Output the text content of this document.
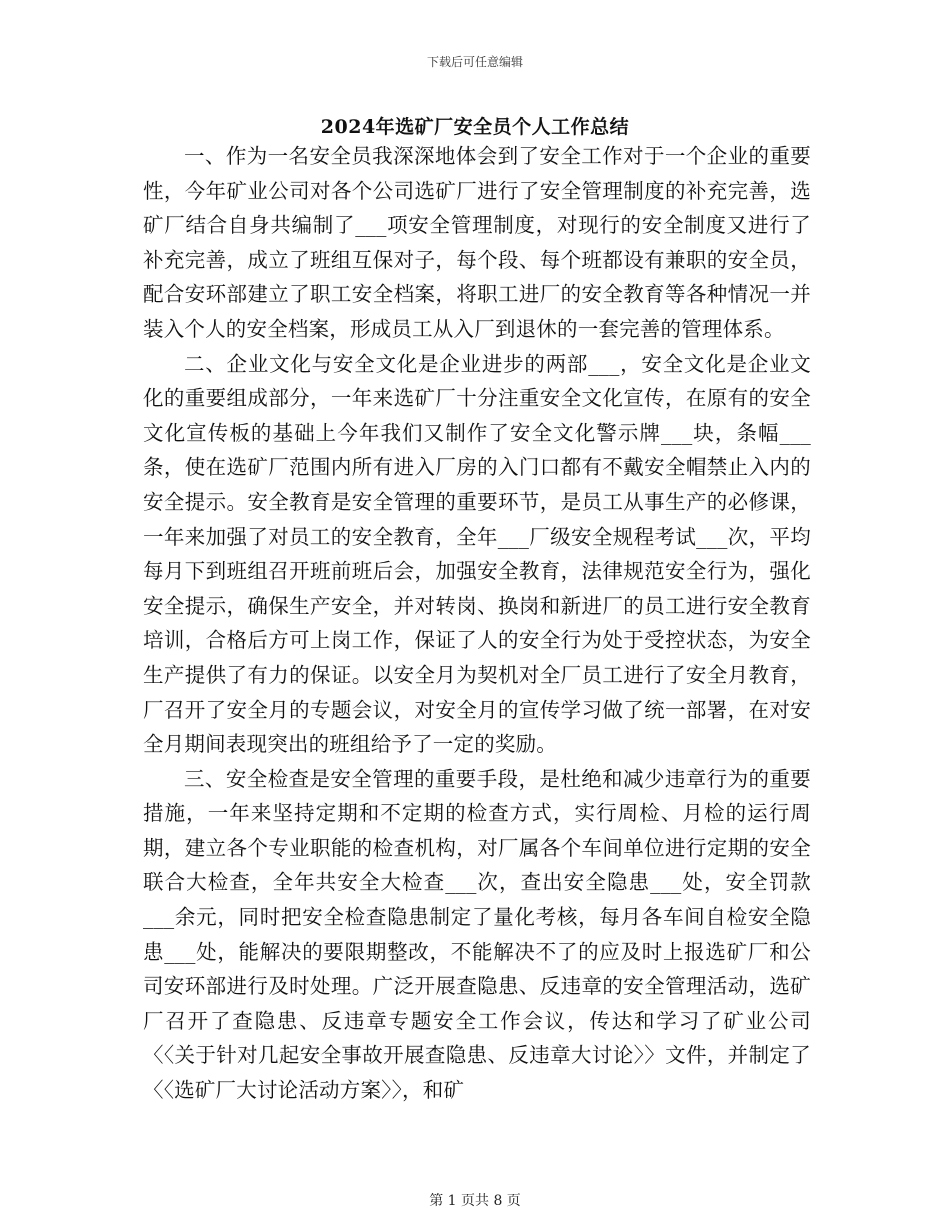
下载后可任意编辑
2024年选矿厂安全员个人工作总结

一、作为一名安全员我深深地体会到了安全工作对于一个企业的重要性，今年矿业公司对各个公司选矿厂进行了安全管理制度的补充完善，选矿厂结合自身共编制了___项安全管理制度，对现行的安全制度又进行了补充完善，成立了班组互保对子，每个段、每个班都设有兼职的安全员，配合安环部建立了职工安全档案，将职工进厂的安全教育等各种情况一并装入个人的安全档案，形成员工从入厂到退休的一套完善的管理体系。

二、企业文化与安全文化是企业进步的两部___，安全文化是企业文化的重要组成部分，一年来选矿厂十分注重安全文化宣传，在原有的安全文化宣传板的基础上今年我们又制作了安全文化警示牌___块，条幅___条，使在选矿厂范围内所有进入厂房的入门口都有不戴安全帽禁止入内的安全提示。安全教育是安全管理的重要环节，是员工从事生产的必修课，一年来加强了对员工的安全教育，全年___厂级安全规程考试___次，平均每月下到班组召开班前班后会，加强安全教育，法律规范安全行为，强化安全提示，确保生产安全，并对转岗、换岗和新进厂的员工进行安全教育培训，合格后方可上岗工作，保证了人的安全行为处于受控状态，为安全生产提供了有力的保证。以安全月为契机对全厂员工进行了安全月教育，厂召开了安全月的专题会议，对安全月的宣传学习做了统一部署，在对安全月期间表现突出的班组给予了一定的奖励。

三、安全检查是安全管理的重要手段，是杜绝和减少违章行为的重要措施，一年来坚持定期和不定期的检查方式，实行周检、月检的运行周期，建立各个专业职能的检查机构，对厂属各个车间单位进行定期的安全联合大检查，全年共安全大检查___次，查出安全隐患___处，安全罚款___余元，同时把安全检查隐患制定了量化考核，每月各车间自检安全隐患___处，能解决的要限期整改，不能解决不了的应及时上报选矿厂和公司安环部进行及时处理。广泛开展查隐患、反违章的安全管理活动，选矿厂召开了查隐患、反违章专题安全工作会议，传达和学习了矿业公司〈〈关于针对几起安全事故开展查隐患、反违章大讨论〉〉文件，并制定了〈〈选矿厂大讨论活动方案〉〉，和矿

第 1 页共 8 页
